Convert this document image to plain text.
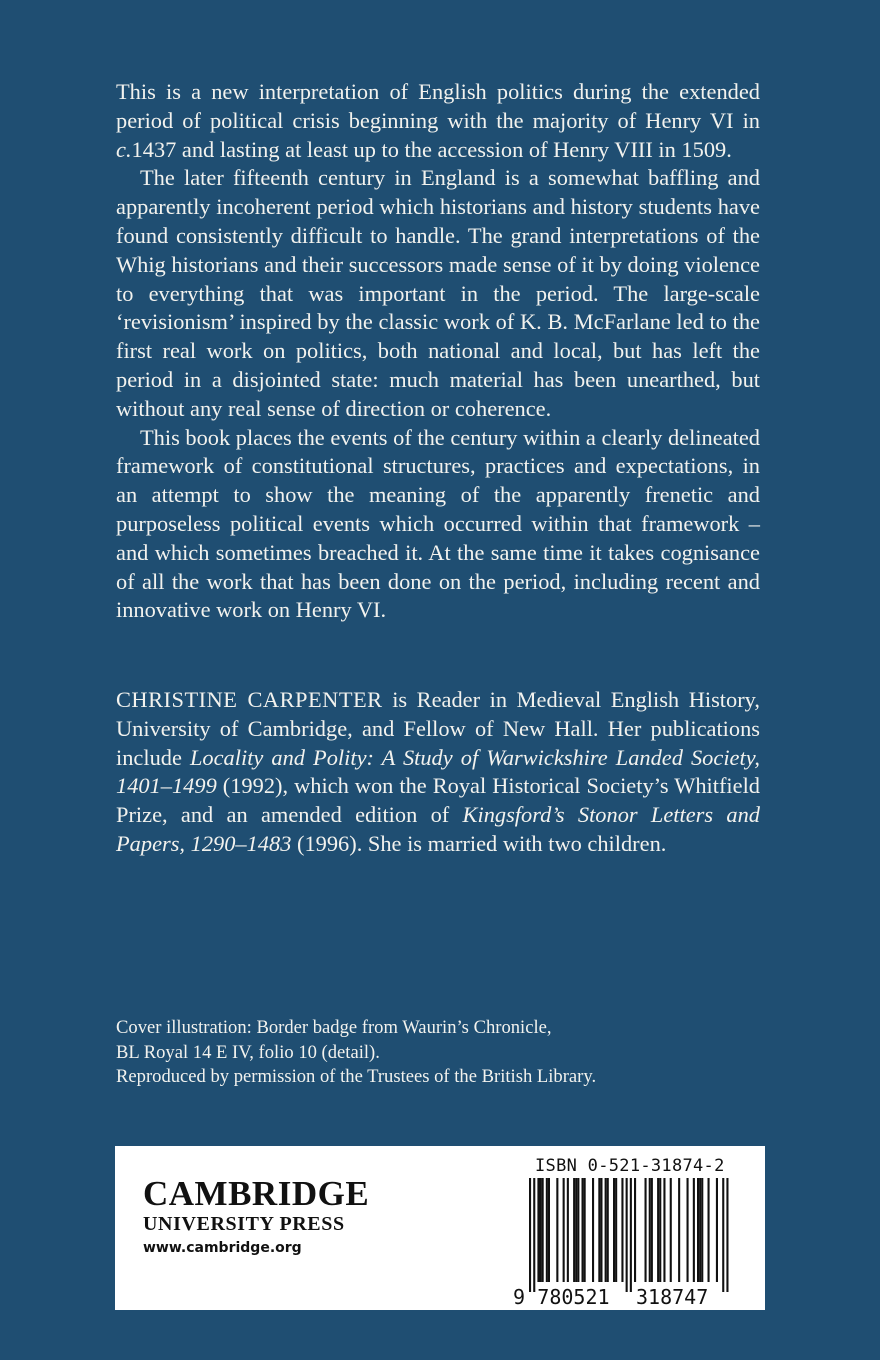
This is a new interpretation of English politics during the extended period of political crisis beginning with the majority of Henry VI in c.1437 and lasting at least up to the accession of Henry VIII in 1509.

The later fifteenth century in England is a somewhat baffling and apparently incoherent period which historians and history students have found consistently difficult to handle. The grand interpretations of the Whig historians and their successors made sense of it by doing violence to everything that was important in the period. The large-scale ‘revisionism’ inspired by the classic work of K. B. McFarlane led to the first real work on politics, both national and local, but has left the period in a disjointed state: much material has been unearthed, but without any real sense of direction or coherence.

This book places the events of the century within a clearly delineated framework of constitutional structures, practices and expectations, in an attempt to show the meaning of the apparently frenetic and purposeless political events which occurred within that framework – and which sometimes breached it. At the same time it takes cognisance of all the work that has been done on the period, including recent and innovative work on Henry VI.

CHRISTINE CARPENTER is Reader in Medieval English History, University of Cambridge, and Fellow of New Hall. Her publications include Locality and Polity: A Study of Warwickshire Landed Society, 1401–1499 (1992), which won the Royal Historical Society’s Whitfield Prize, and an amended edition of Kingsford’s Stonor Letters and Papers, 1290–1483 (1996). She is married with two children.
Cover illustration: Border badge from Waurin’s Chronicle,
BL Royal 14 E IV, folio 10 (detail).
Reproduced by permission of the Trustees of the British Library.
CAMBRIDGE
UNIVERSITY PRESS
www.cambridge.org
ISBN 0-521-31874-2
9 780521 318747
